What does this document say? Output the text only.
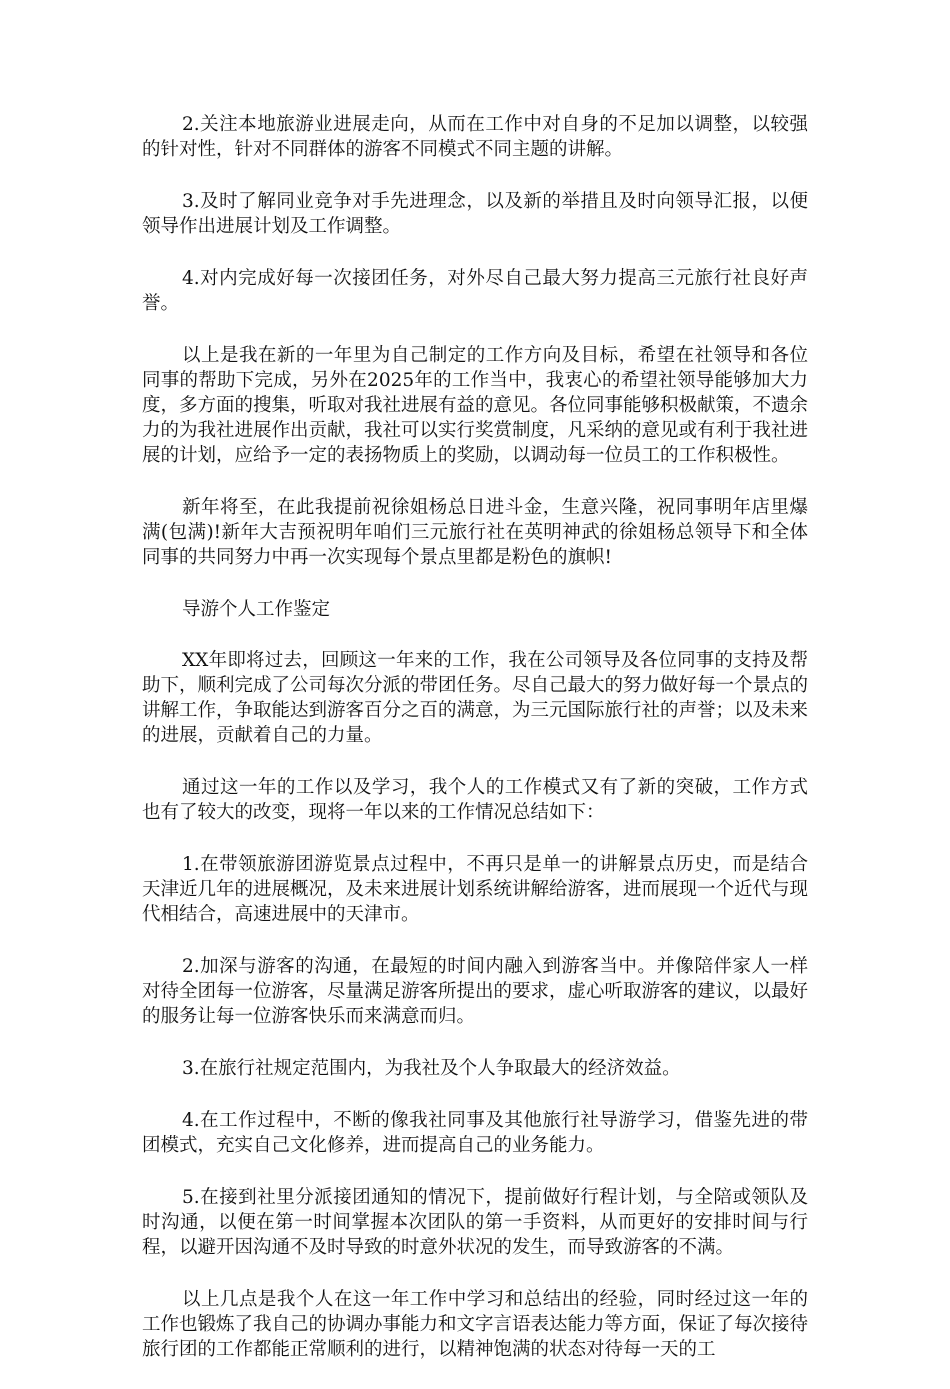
2.关注本地旅游业进展走向，从而在工作中对自身的不足加以调整，以较强的针对性，针对不同群体的游客不同模式不同主题的讲解。

3.及时了解同业竞争对手先进理念，以及新的举措且及时向领导汇报，以便领导作出进展计划及工作调整。

4.对内完成好每一次接团任务，对外尽自己最大努力提高三元旅行社良好声誉。

以上是我在新的一年里为自己制定的工作方向及目标，希望在社领导和各位同事的帮助下完成，另外在2025年的工作当中，我衷心的希望社领导能够加大力度，多方面的搜集，听取对我社进展有益的意见。各位同事能够积极献策，不遗余力的为我社进展作出贡献，我社可以实行奖赏制度，凡采纳的意见或有利于我社进展的计划，应给予一定的表扬物质上的奖励，以调动每一位员工的工作积极性。

新年将至，在此我提前祝徐姐杨总日进斗金，生意兴隆，祝同事明年店里爆满(包满)!新年大吉预祝明年咱们三元旅行社在英明神武的徐姐杨总领导下和全体同事的共同努力中再一次实现每个景点里都是粉色的旗帜!

导游个人工作鉴定

XX年即将过去，回顾这一年来的工作，我在公司领导及各位同事的支持及帮助下，顺利完成了公司每次分派的带团任务。尽自己最大的努力做好每一个景点的讲解工作，争取能达到游客百分之百的满意，为三元国际旅行社的声誉；以及未来的进展，贡献着自己的力量。

通过这一年的工作以及学习，我个人的工作模式又有了新的突破，工作方式也有了较大的改变，现将一年以来的工作情况总结如下：

1.在带领旅游团游览景点过程中，不再只是单一的讲解景点历史，而是结合天津近几年的进展概况，及未来进展计划系统讲解给游客，进而展现一个近代与现代相结合，高速进展中的天津市。

2.加深与游客的沟通，在最短的时间内融入到游客当中。并像陪伴家人一样对待全团每一位游客，尽量满足游客所提出的要求，虚心听取游客的建议，以最好的服务让每一位游客快乐而来满意而归。

3.在旅行社规定范围内，为我社及个人争取最大的经济效益。

4.在工作过程中，不断的像我社同事及其他旅行社导游学习，借鉴先进的带团模式，充实自己文化修养，进而提高自己的业务能力。

5.在接到社里分派接团通知的情况下，提前做好行程计划，与全陪或领队及时沟通，以便在第一时间掌握本次团队的第一手资料，从而更好的安排时间与行程，以避开因沟通不及时导致的时意外状况的发生，而导致游客的不满。

以上几点是我个人在这一年工作中学习和总结出的经验，同时经过这一年的工作也锻炼了我自己的协调办事能力和文字言语表达能力等方面，保证了每次接待旅行团的工作都能正常顺利的进行，以精神饱满的状态对待每一天的工
